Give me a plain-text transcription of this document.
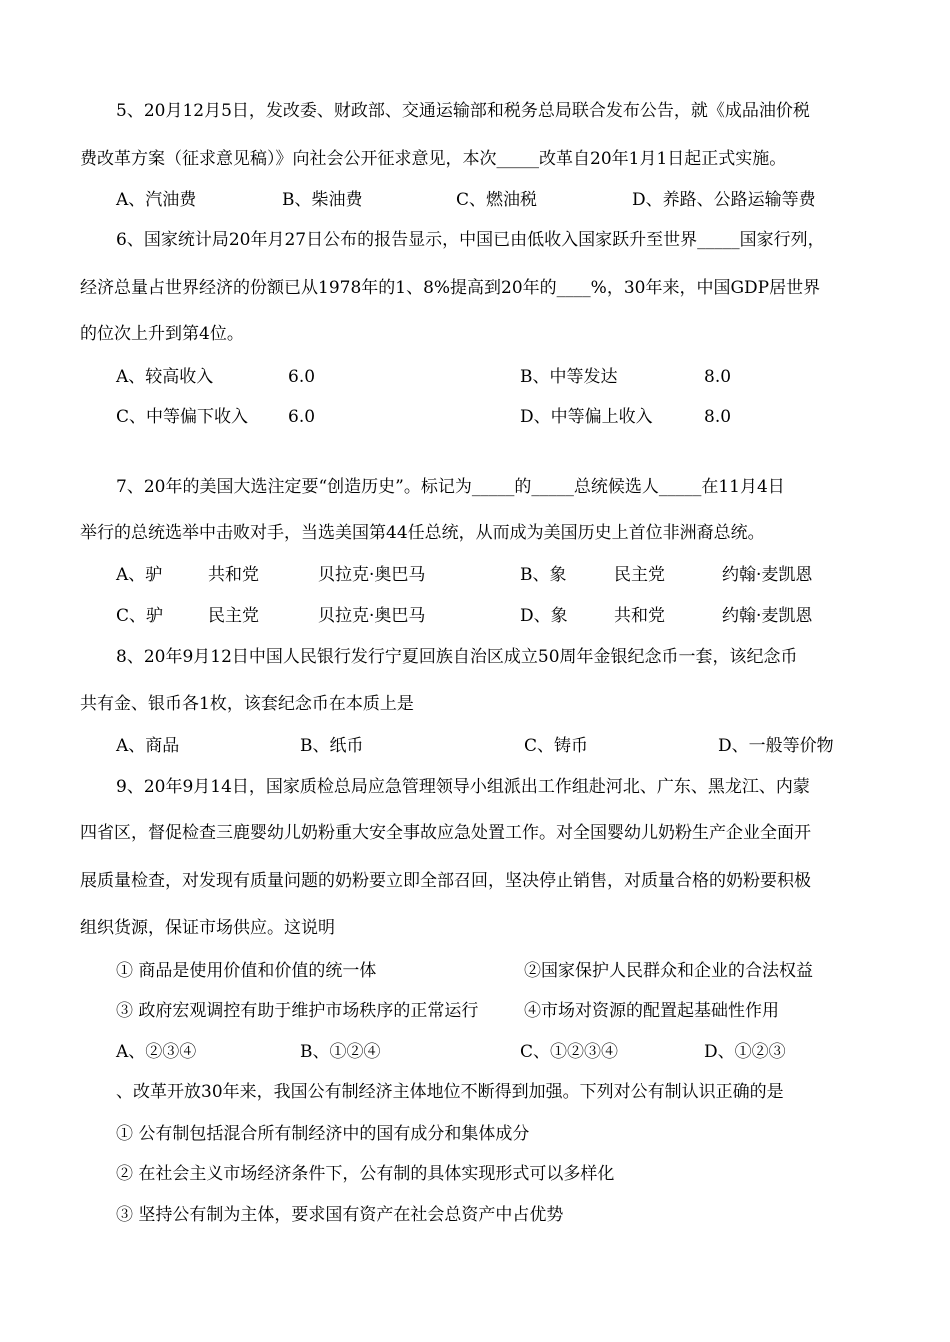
5、20月12月5日，发改委、财政部、交通运输部和税务总局联合发布公告，就《成品油价税
费改革方案（征求意见稿）》向社会公开征求意见，本次_____改革自20年1月1日起正式实施。
A、汽油费	B、柴油费	C、燃油税	D、养路、公路运输等费
6、国家统计局20年月27日公布的报告显示，中国已由低收入国家跃升至世界_____国家行列，
经济总量占世界经济的份额已从1978年的1、8%提高到20年的____%，30年来，中国GDP居世界
的位次上升到第4位。
A、较高收入	6.0	B、中等发达	8.0
C、中等偏下收入 6.0	D、中等偏上收入	8.0
7、20年的美国大选注定要“创造历史”。标记为_____的_____总统候选人_____在11月4日
举行的总统选举中击败对手，当选美国第44任总统，从而成为美国历史上首位非洲裔总统。
A、驴	共和党	贝拉克·奥巴马	B、象	民主党	约翰·麦凯恩
C、驴	民主党	贝拉克·奥巴马	D、象	共和党	约翰·麦凯恩
8、20年9月12日中国人民银行发行宁夏回族自治区成立50周年金银纪念币一套，该纪念币
共有金、银币各1枚，该套纪念币在本质上是
A、商品	B、纸币	C、铸币	D、一般等价物
9、20年9月14日，国家质检总局应急管理领导小组派出工作组赴河北、广东、黑龙江、内蒙
四省区，督促检查三鹿婴幼儿奶粉重大安全事故应急处置工作。对全国婴幼儿奶粉生产企业全面开
展质量检查，对发现有质量问题的奶粉要立即全部召回，坚决停止销售，对质量合格的奶粉要积极
组织货源，保证市场供应。这说明
① 商品是使用价值和价值的统一体	②国家保护人民群众和企业的合法权益
③ 政府宏观调控有助于维护市场秩序的正常运行	④市场对资源的配置起基础性作用
A、②③④	B、①②④	C、①②③④	D、①②③
、改革开放30年来，我国公有制经济主体地位不断得到加强。下列对公有制认识正确的是
① 公有制包括混合所有制经济中的国有成分和集体成分
② 在社会主义市场经济条件下，公有制的具体实现形式可以多样化
③ 坚持公有制为主体，要求国有资产在社会总资产中占优势
